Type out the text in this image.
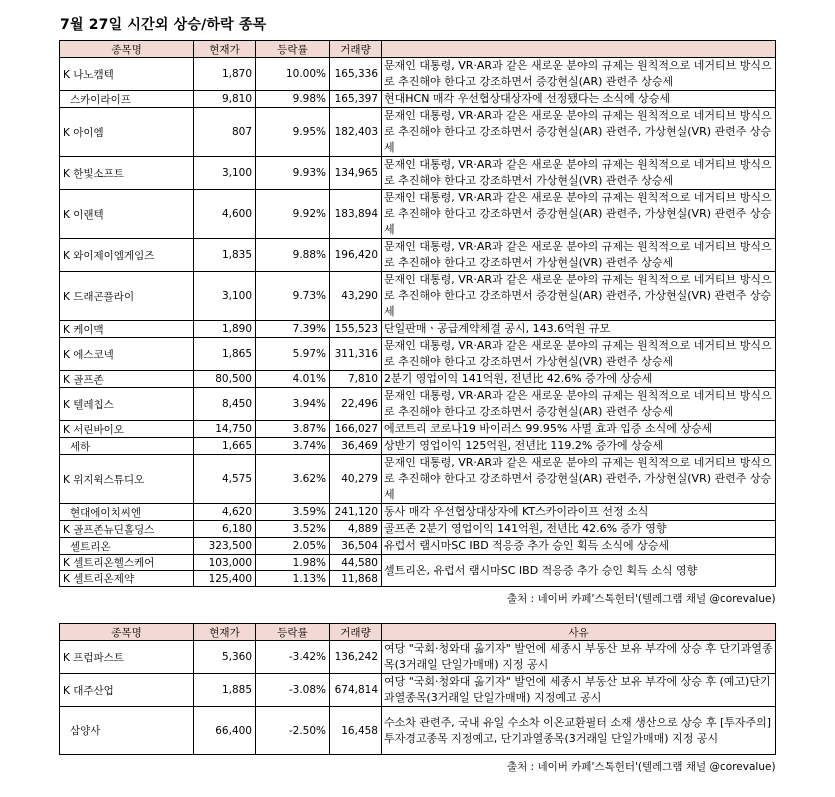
7월 27일 시간외 상승/하락 종목
종목명	현재가	등락률	거래량	
K 나노캠텍	1,870	10.00%	165,336	문재인 대통령, VR·AR과 같은 새로운 분야의 규제는 원칙적으로 네거티브 방식으로 추진해야 한다고 강조하면서 증강현실(AR) 관련주 상승세
스카이라이프	9,810	9.98%	165,397	현대HCN 매각 우선협상대상자에 선정됐다는 소식에 상승세
K 아이엠	807	9.95%	182,403	문재인 대통령, VR·AR과 같은 새로운 분야의 규제는 원칙적으로 네거티브 방식으로 추진해야 한다고 강조하면서 증강현실(AR) 관련주, 가상현실(VR) 관련주 상승세
K 한빛소프트	3,100	9.93%	134,965	문재인 대통령, VR·AR과 같은 새로운 분야의 규제는 원칙적으로 네거티브 방식으로 추진해야 한다고 강조하면서 가상현실(VR) 관련주 상승세
K 이랜텍	4,600	9.92%	183,894	문재인 대통령, VR·AR과 같은 새로운 분야의 규제는 원칙적으로 네거티브 방식으로 추진해야 한다고 강조하면서 증강현실(AR) 관련주, 가상현실(VR) 관련주 상승세
K 와이제이엠게임즈	1,835	9.88%	196,420	문재인 대통령, VR·AR과 같은 새로운 분야의 규제는 원칙적으로 네거티브 방식으로 추진해야 한다고 강조하면서 가상현실(VR) 관련주 상승세
K 드래곤플라이	3,100	9.73%	43,290	문재인 대통령, VR·AR과 같은 새로운 분야의 규제는 원칙적으로 네거티브 방식으로 추진해야 한다고 강조하면서 증강현실(AR) 관련주, 가상현실(VR) 관련주 상승세
K 케이맥	1,890	7.39%	155,523	단일판매ㆍ공급계약체결 공시, 143.6억원 규모
K 에스코넥	1,865	5.97%	311,316	문재인 대통령, VR·AR과 같은 새로운 분야의 규제는 원칙적으로 네거티브 방식으로 추진해야 한다고 강조하면서 가상현실(VR) 관련주 상승세
K 골프존	80,500	4.01%	7,810	2분기 영업이익 141억원, 전년比 42.6% 증가에 상승세
K 텔레칩스	8,450	3.94%	22,496	문재인 대통령, VR·AR과 같은 새로운 분야의 규제는 원칙적으로 네거티브 방식으로 추진해야 한다고 강조하면서 증강현실(AR) 관련주 상승세
K 서린바이오	14,750	3.87%	166,027	에코트리 코로나19 바이러스 99.95% 사멸 효과 입증 소식에 상승세
세하	1,665	3.74%	36,469	상반기 영업이익 125억원, 전년比 119.2% 증가에 상승세
K 위지윅스튜디오	4,575	3.62%	40,279	문재인 대통령, VR·AR과 같은 새로운 분야의 규제는 원칙적으로 네거티브 방식으로 추진해야 한다고 강조하면서 증강현실(AR) 관련주, 가상현실(VR) 관련주 상승세
현대에이치씨엔	4,620	3.59%	241,120	동사 매각 우선협상대상자에 KT스카이라이프 선정 소식
K 골프존뉴딘홀딩스	6,180	3.52%	4,889	골프존 2분기 영업이익 141억원, 전년比 42.6% 증가 영향
셀트리온	323,500	2.05%	36,504	유럽서 램시마SC IBD 적응증 추가 승인 획득 소식에 상승세
K 셀트리온헬스케어	103,000	1.98%	44,580	셀트리온, 유럽서 램시마SC IBD 적응증 추가 승인 획득 소식 영향
K 셀트리온제약	125,400	1.13%	11,868	
출처 : 네이버 카페'스톡헌터'(텔레그램 채널 @corevalue)
종목명	현재가	등락률	거래량	사유
K 프럼파스트	5,360	-3.42%	136,242	여당 "국회·청와대 옮기자" 발언에 세종시 부동산 보유 부각에 상승 후 단기과열종목(3거래일 단일가매매) 지정 공시
K 대주산업	1,885	-3.08%	674,814	여당 "국회·청와대 옮기자" 발언에 세종시 부동산 보유 부각에 상승 후 (예고)단기과열종목(3거래일 단일가매매) 지정예고 공시
삼양사	66,400	-2.50%	16,458	수소차 관련주, 국내 유일 수소차 이온교환필터 소재 생산으로 상승 후 [투자주의]투자경고종목 지정예고, 단기과열종목(3거래일 단일가매매) 지정 공시
출처 : 네이버 카페'스톡헌터'(텔레그램 채널 @corevalue)
